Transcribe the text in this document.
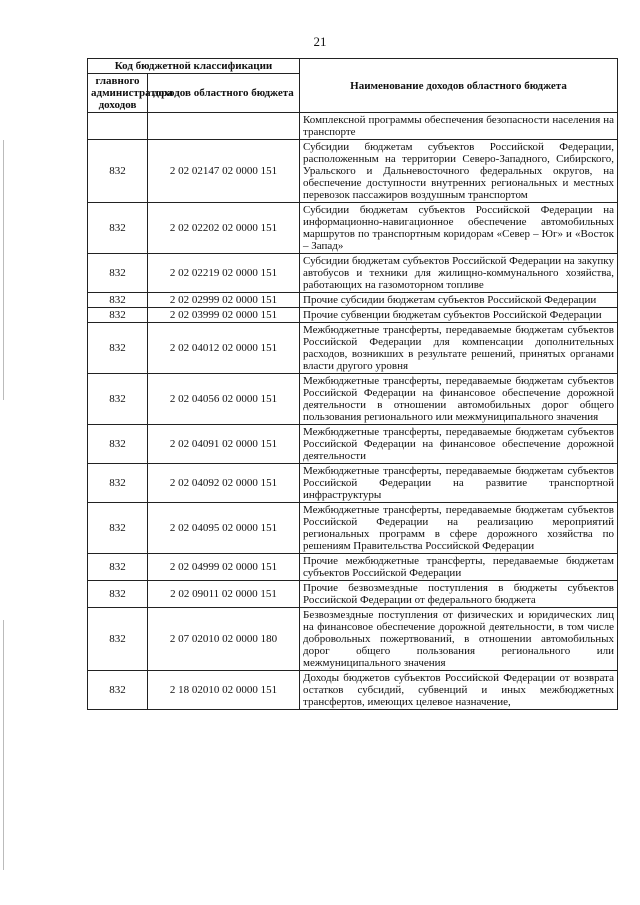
21
Код бюджетной классификации		Наименование доходов областного бюджета
главного администратора доходов	доходов областного бюджета	
		Комплексной программы обеспечения безопасности населения на транспорте
832	2 02 02147 02 0000 151	Субсидии бюджетам субъектов Российской Федерации, расположенным на территории Северо-Западного, Сибирского, Уральского и Дальневосточного федеральных округов, на обеспечение доступности внутренних региональных и местных перевозок пассажиров воздушным транспортом
832	2 02 02202 02 0000 151	Субсидии бюджетам субъектов Российской Федерации на информационно-навигационное обеспечение автомобильных маршрутов по транспортным коридорам «Север – Юг» и «Восток – Запад»
832	2 02 02219 02 0000 151	Субсидии бюджетам субъектов Российской Федерации на закупку автобусов и техники для жилищно-коммунального хозяйства, работающих на газомоторном топливе
832	2 02 02999 02 0000 151	Прочие субсидии бюджетам субъектов Российской Федерации
832	2 02 03999 02 0000 151	Прочие субвенции бюджетам субъектов Российской Федерации
832	2 02 04012 02 0000 151	Межбюджетные трансферты, передаваемые бюджетам субъектов Российской Федерации для компенсации дополнительных расходов, возникших в результате решений, принятых органами власти другого уровня
832	2 02 04056 02 0000 151	Межбюджетные трансферты, передаваемые бюджетам субъектов Российской Федерации на финансовое обеспечение дорожной деятельности в отношении автомобильных дорог общего пользования регионального или межмуниципального значения
832	2 02 04091 02 0000 151	Межбюджетные трансферты, передаваемые бюджетам субъектов Российской Федерации на финансовое обеспечение дорожной деятельности
832	2 02 04092 02 0000 151	Межбюджетные трансферты, передаваемые бюджетам субъектов Российской Федерации на развитие транспортной инфраструктуры
832	2 02 04095 02 0000 151	Межбюджетные трансферты, передаваемые бюджетам субъектов Российской Федерации на реализацию мероприятий региональных программ в сфере дорожного хозяйства по решениям Правительства Российской Федерации
832	2 02 04999 02 0000 151	Прочие межбюджетные трансферты, передаваемые бюджетам субъектов Российской Федерации
832	2 02 09011 02 0000 151	Прочие безвозмездные поступления в бюджеты субъектов Российской Федерации от федерального бюджета
832	2 07 02010 02 0000 180	Безвозмездные поступления от физических и юридических лиц на финансовое обеспечение дорожной деятельности, в том числе добровольных пожертвований, в отношении автомобильных дорог общего пользования регионального или межмуниципального значения
832	2 18 02010 02 0000 151	Доходы бюджетов субъектов Российской Федерации от возврата остатков субсидий, субвенций и иных межбюджетных трансфертов, имеющих целевое назначение,
